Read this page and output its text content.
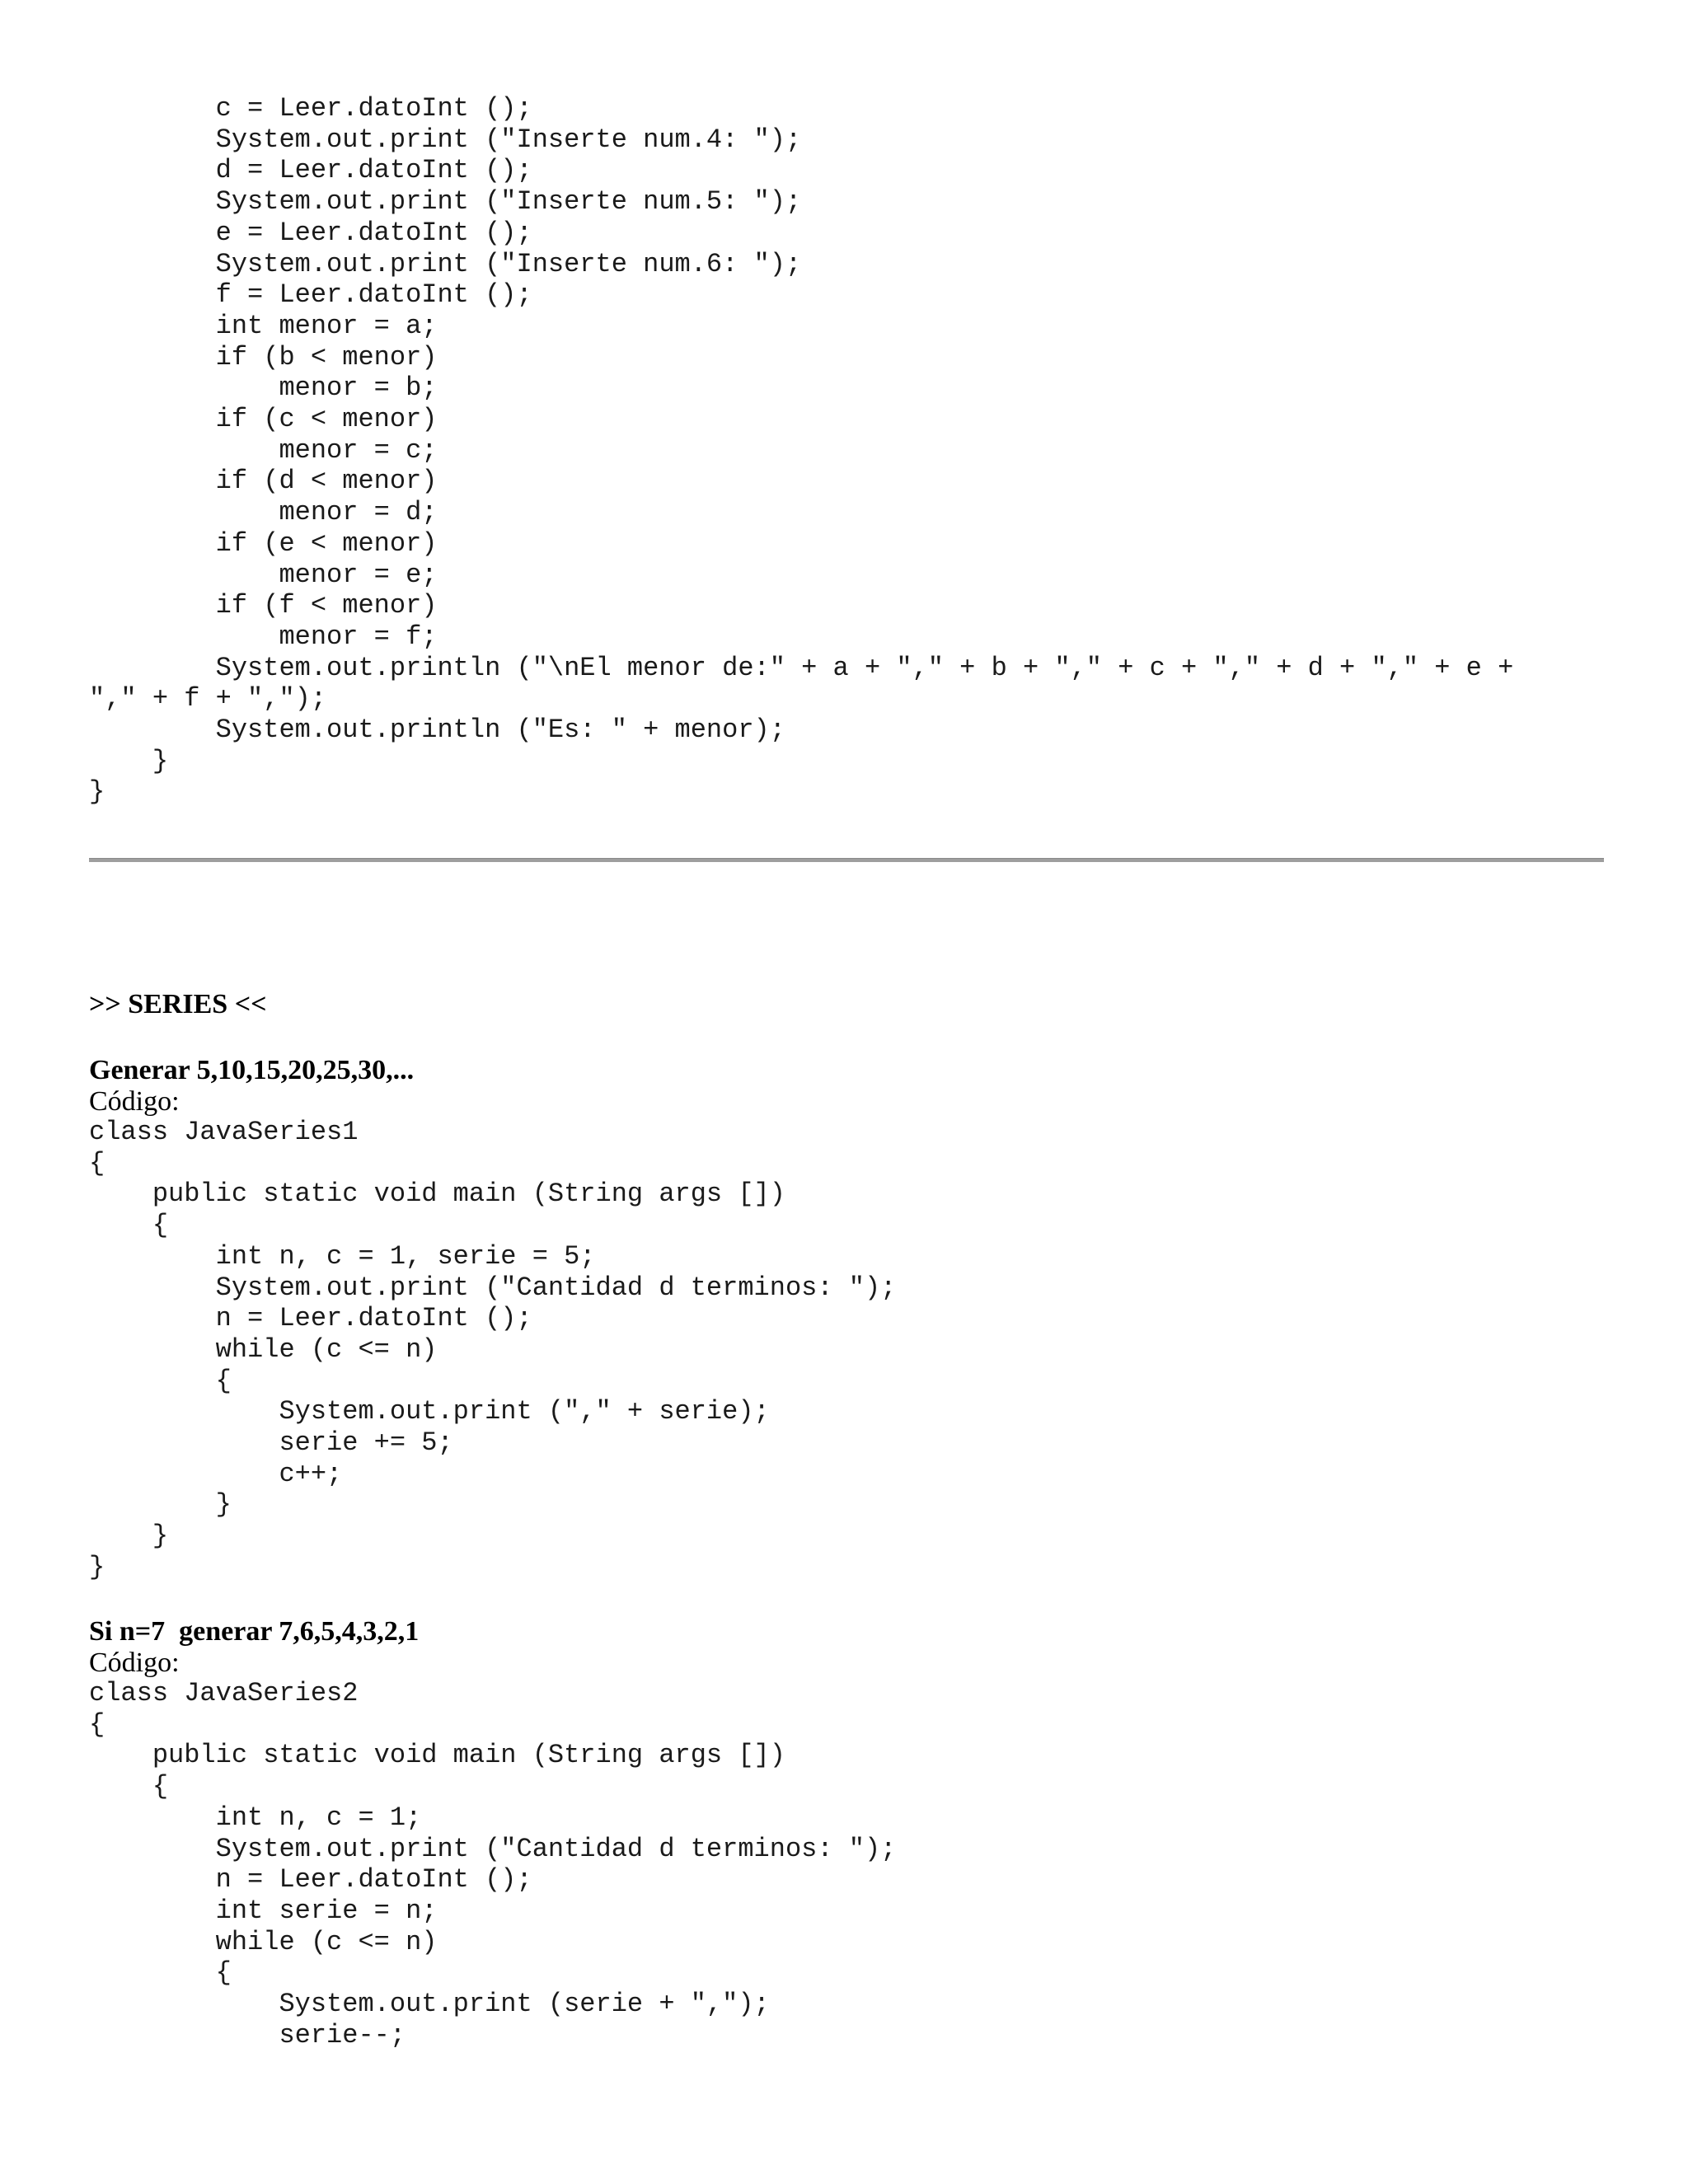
c = Leer.datoInt ();
System.out.print ("Inserte num.4: ");
d = Leer.datoInt ();
System.out.print ("Inserte num.5: ");
e = Leer.datoInt ();
System.out.print ("Inserte num.6: ");
f = Leer.datoInt ();
int menor = a;
if (b < menor)
menor = b;
if (c < menor)
menor = c;
if (d < menor)
menor = d;
if (e < menor)
menor = e;
if (f < menor)
menor = f;
System.out.println ("\nEl menor de:" + a + "," + b + "," + c + "," + d + "," + e +
"," + f + ",");
System.out.println ("Es: " + menor);
}
}
>> SERIES <<
Generar 5,10,15,20,25,30,...
Código:
class JavaSeries1
{
public static void main (String args [])
{
int n, c = 1, serie = 5;
System.out.print ("Cantidad d terminos: ");
n = Leer.datoInt ();
while (c <= n)
{
System.out.print ("," + serie);
serie += 5;
c++;
}
}
}
Si n=7  generar 7,6,5,4,3,2,1
Código:
class JavaSeries2
{
public static void main (String args [])
{
int n, c = 1;
System.out.print ("Cantidad d terminos: ");
n = Leer.datoInt ();
int serie = n;
while (c <= n)
{
System.out.print (serie + ",");
serie--;
